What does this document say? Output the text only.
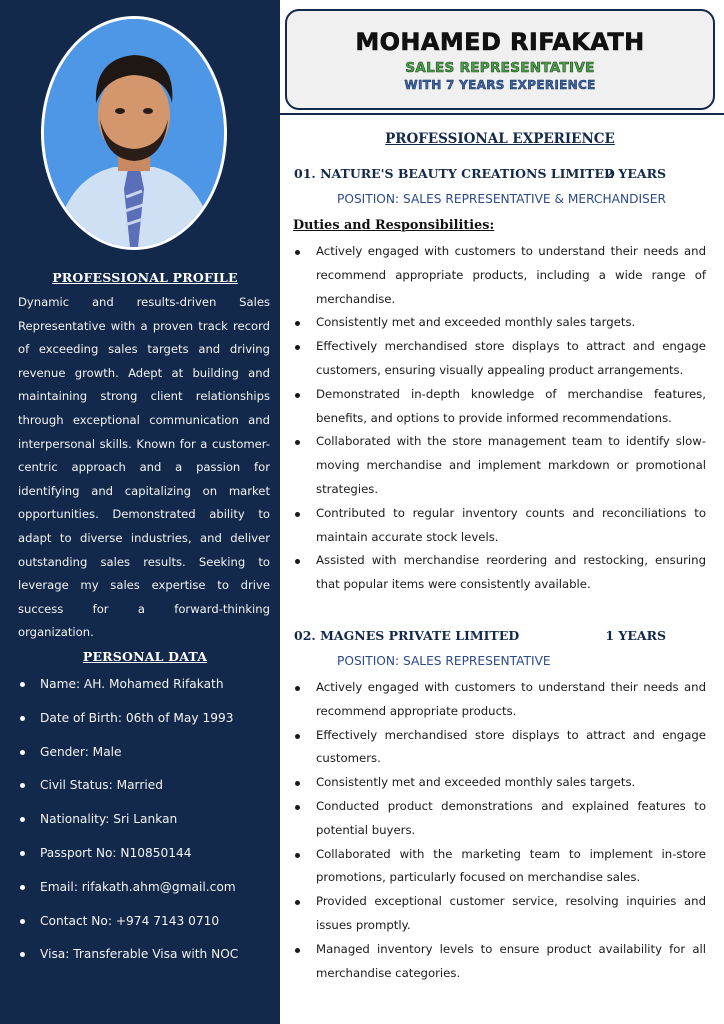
PROFESSIONAL PROFILE
Dynamic and results-driven Sales Representative with a proven track record of exceeding sales targets and driving revenue growth. Adept at building and maintaining strong client relationships through exceptional communication and interpersonal skills. Known for a customer-centric approach and a passion for identifying and capitalizing on market opportunities. Demonstrated ability to adapt to diverse industries, and deliver outstanding sales results. Seeking to leverage my sales expertise to drive success for a forward-thinking organization.
PERSONAL DATA
Name: AH. Mohamed Rifakath
Date of Birth: 06th of May 1993
Gender: Male
Civil Status: Married
Nationality: Sri Lankan
Passport No: N10850144
Email: rifakath.ahm@gmail.com
Contact No: +974 7143 0710
Visa: Transferable Visa with NOC
MOHAMED RIFAKATH
SALES REPRESENTATIVE
WITH 7 YEARS EXPERIENCE
PROFESSIONAL EXPERIENCE
01. NATURE'S BEAUTY CREATIONS LIMITED
2 YEARS
POSITION: SALES REPRESENTATIVE & MERCHANDISER
Duties and Responsibilities:
Actively engaged with customers to understand their needs and recommend appropriate products, including a wide range of merchandise.
Consistently met and exceeded monthly sales targets.
Effectively merchandised store displays to attract and engage customers, ensuring visually appealing product arrangements.
Demonstrated in-depth knowledge of merchandise features, benefits, and options to provide informed recommendations.
Collaborated with the store management team to identify slow-moving merchandise and implement markdown or promotional strategies.
Contributed to regular inventory counts and reconciliations to maintain accurate stock levels.
Assisted with merchandise reordering and restocking, ensuring that popular items were consistently available.
02. MAGNES PRIVATE LIMITED	1 YEARS
POSITION: SALES REPRESENTATIVE
Actively engaged with customers to understand their needs and recommend appropriate products.
Effectively merchandised store displays to attract and engage customers.
Consistently met and exceeded monthly sales targets.
Conducted product demonstrations and explained features to potential buyers.
Collaborated with the marketing team to implement in-store promotions, particularly focused on merchandise sales.
Provided exceptional customer service, resolving inquiries and issues promptly.
Managed inventory levels to ensure product availability for all merchandise categories.
